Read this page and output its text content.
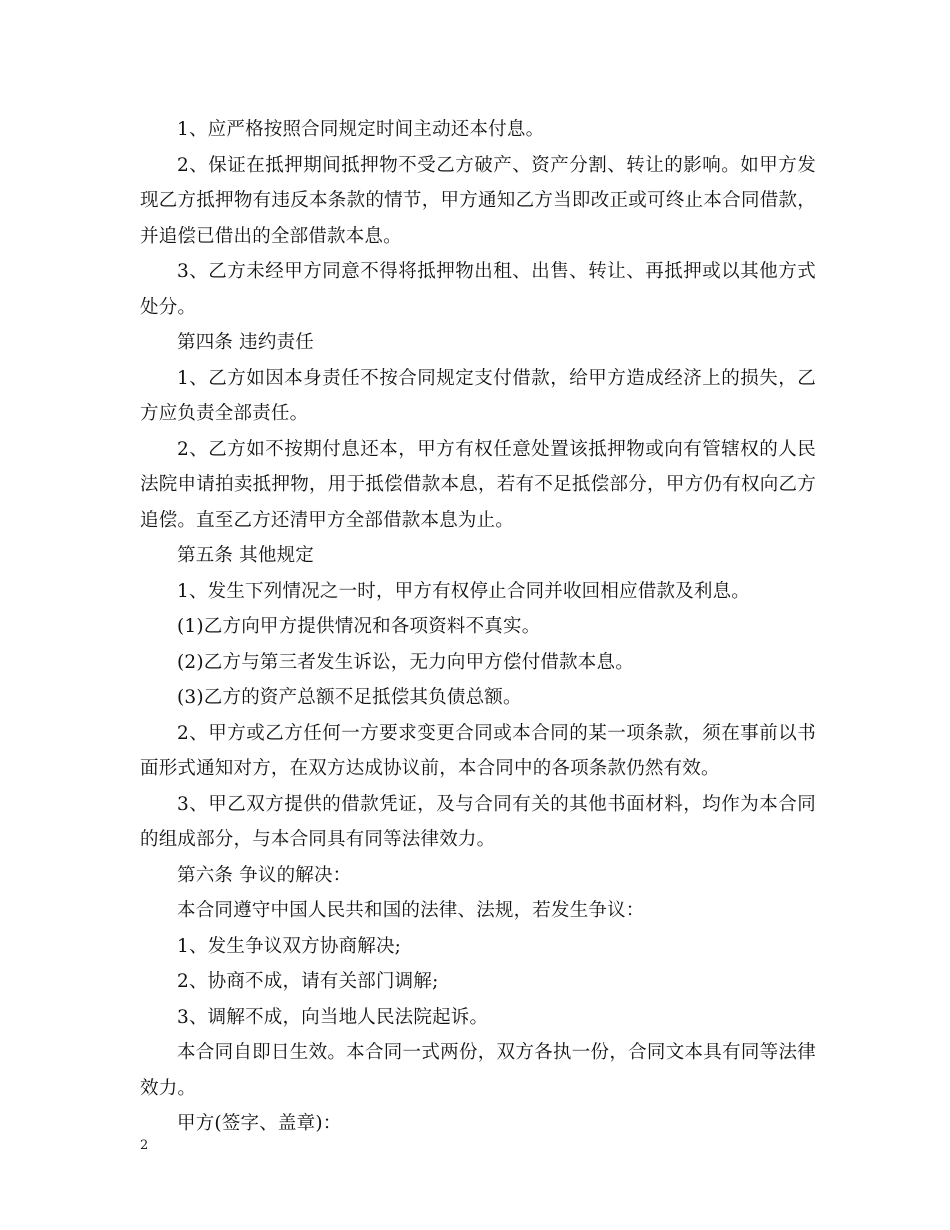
1、应严格按照合同规定时间主动还本付息。

2、保证在抵押期间抵押物不受乙方破产、资产分割、转让的影响。如甲方发现乙方抵押物有违反本条款的情节，甲方通知乙方当即改正或可终止本合同借款，并追偿已借出的全部借款本息。

3、乙方未经甲方同意不得将抵押物出租、出售、转让、再抵押或以其他方式处分。

第四条 违约责任

1、乙方如因本身责任不按合同规定支付借款，给甲方造成经济上的损失，乙方应负责全部责任。

2、乙方如不按期付息还本，甲方有权任意处置该抵押物或向有管辖权的人民法院申请拍卖抵押物，用于抵偿借款本息，若有不足抵偿部分，甲方仍有权向乙方追偿。直至乙方还清甲方全部借款本息为止。

第五条 其他规定

1、发生下列情况之一时，甲方有权停止合同并收回相应借款及利息。

(1)乙方向甲方提供情况和各项资料不真实。

(2)乙方与第三者发生诉讼，无力向甲方偿付借款本息。

(3)乙方的资产总额不足抵偿其负债总额。

2、甲方或乙方任何一方要求变更合同或本合同的某一项条款，须在事前以书面形式通知对方，在双方达成协议前，本合同中的各项条款仍然有效。

3、甲乙双方提供的借款凭证，及与合同有关的其他书面材料，均作为本合同的组成部分，与本合同具有同等法律效力。

第六条 争议的解决：

本合同遵守中国人民共和国的法律、法规，若发生争议：

1、发生争议双方协商解决;

2、协商不成，请有关部门调解;

3、调解不成，向当地人民法院起诉。

本合同自即日生效。本合同一式两份，双方各执一份，合同文本具有同等法律效力。

甲方(签字、盖章)：

2
